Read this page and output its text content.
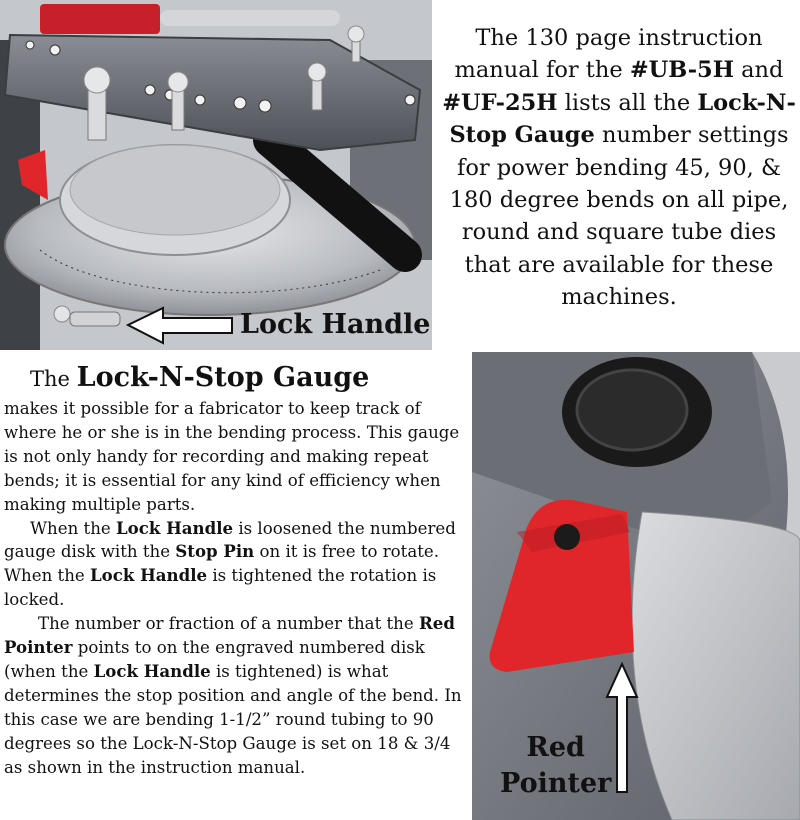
Lock Handle
The 130 page instruction manual for the #UB-5H and #UF-25H lists all the Lock-N-Stop Gauge number settings for power bending 45, 90, & 180 degree bends on all pipe, round and square tube dies that are available for these machines.
The Lock-N-Stop Gauge

makes it possible for a fabricator to keep track of where he or she is in the bending process. This gauge is not only handy for recording and making repeat bends; it is essential for any kind of efficiency when making multiple parts.

When the Lock Handle is loosened the numbered gauge disk with the Stop Pin on it is free to rotate. When the Lock Handle is tightened the rotation is locked.

The number or fraction of a number that the Red Pointer points to on the engraved numbered disk (when the Lock Handle is tightened) is what determines the stop position and angle of the bend. In this case we are bending 1-1/2” round tubing to 90 degrees so the Lock-N-Stop Gauge is set on 18 & 3/4 as shown in the instruction manual.

Red
Pointer
